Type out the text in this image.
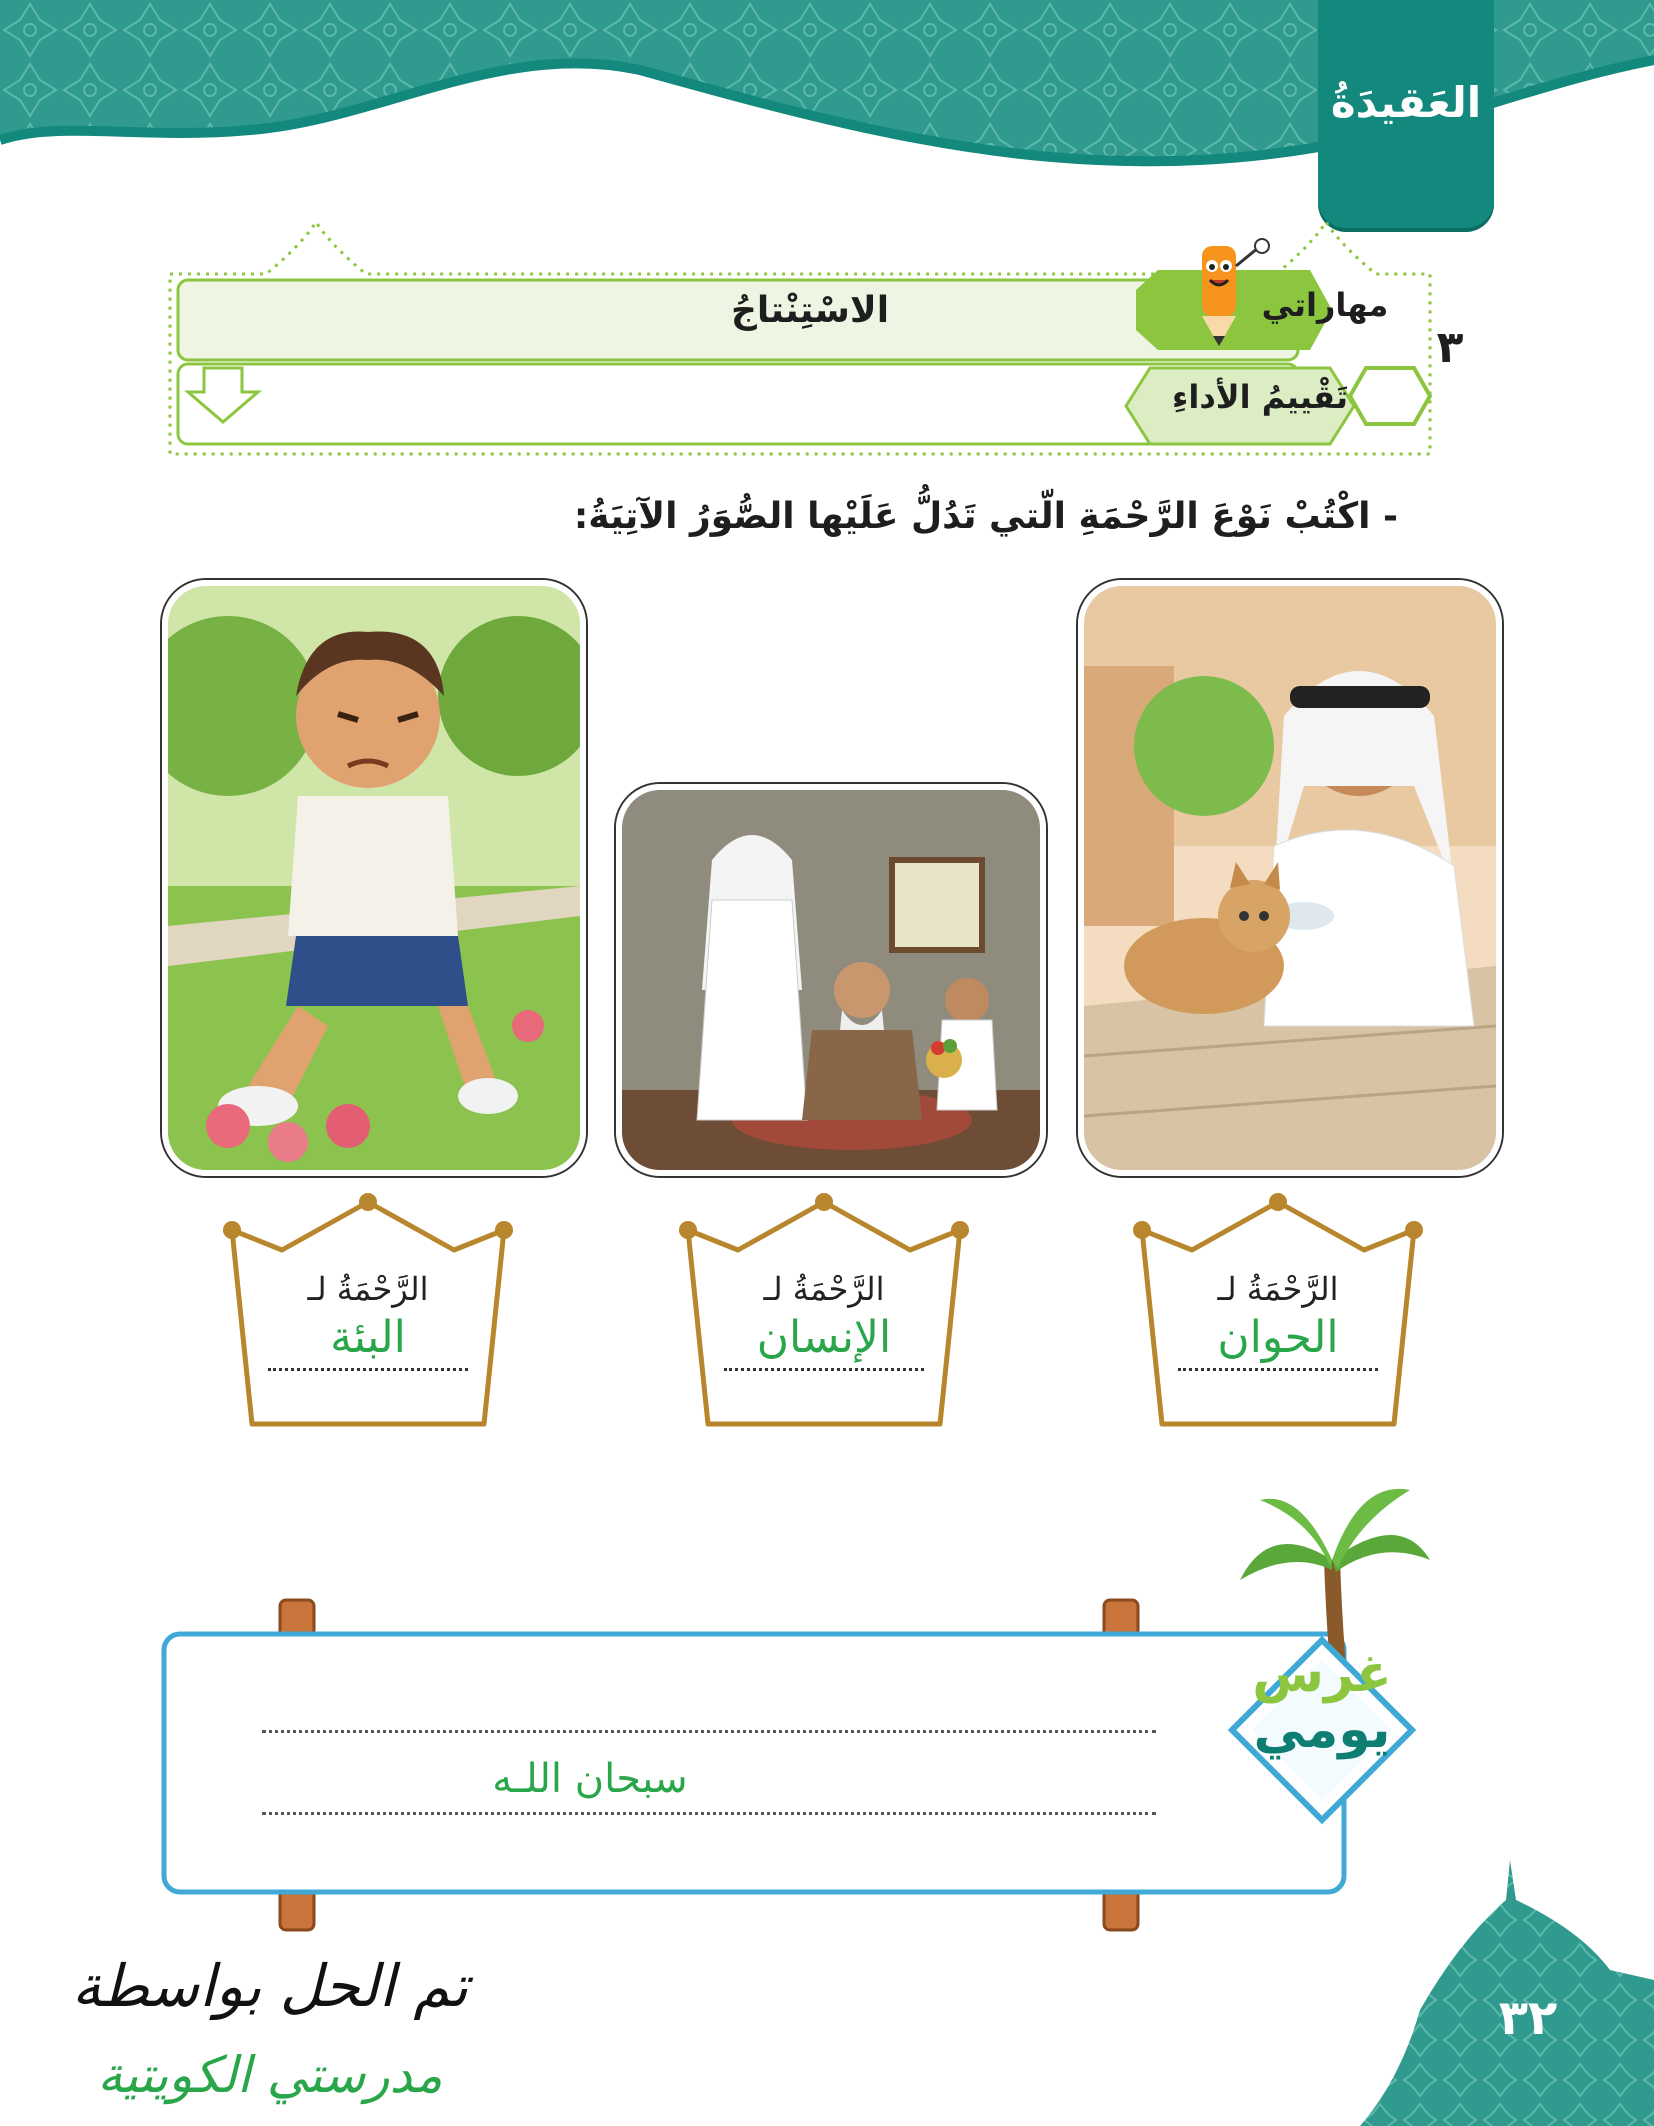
العَقيدَةُ
الاسْتِنْتاجُ	مهاراتي
تَقْييمُ الأداءِ
٣
- اكْتُبْ نَوْعَ الرَّحْمَةِ الّتي تَدُلُّ عَلَيْها الصُّوَرُ الآتِيَةُ:
الرَّحْمَةُ لـ
الحوان
الرَّحْمَةُ لـ
الإنسان
الرَّحْمَةُ لـ
البئة
سبحان اللـه
غرس
يومي
٣٢
تم الحل بواسطة
مدرستي الكويتية
